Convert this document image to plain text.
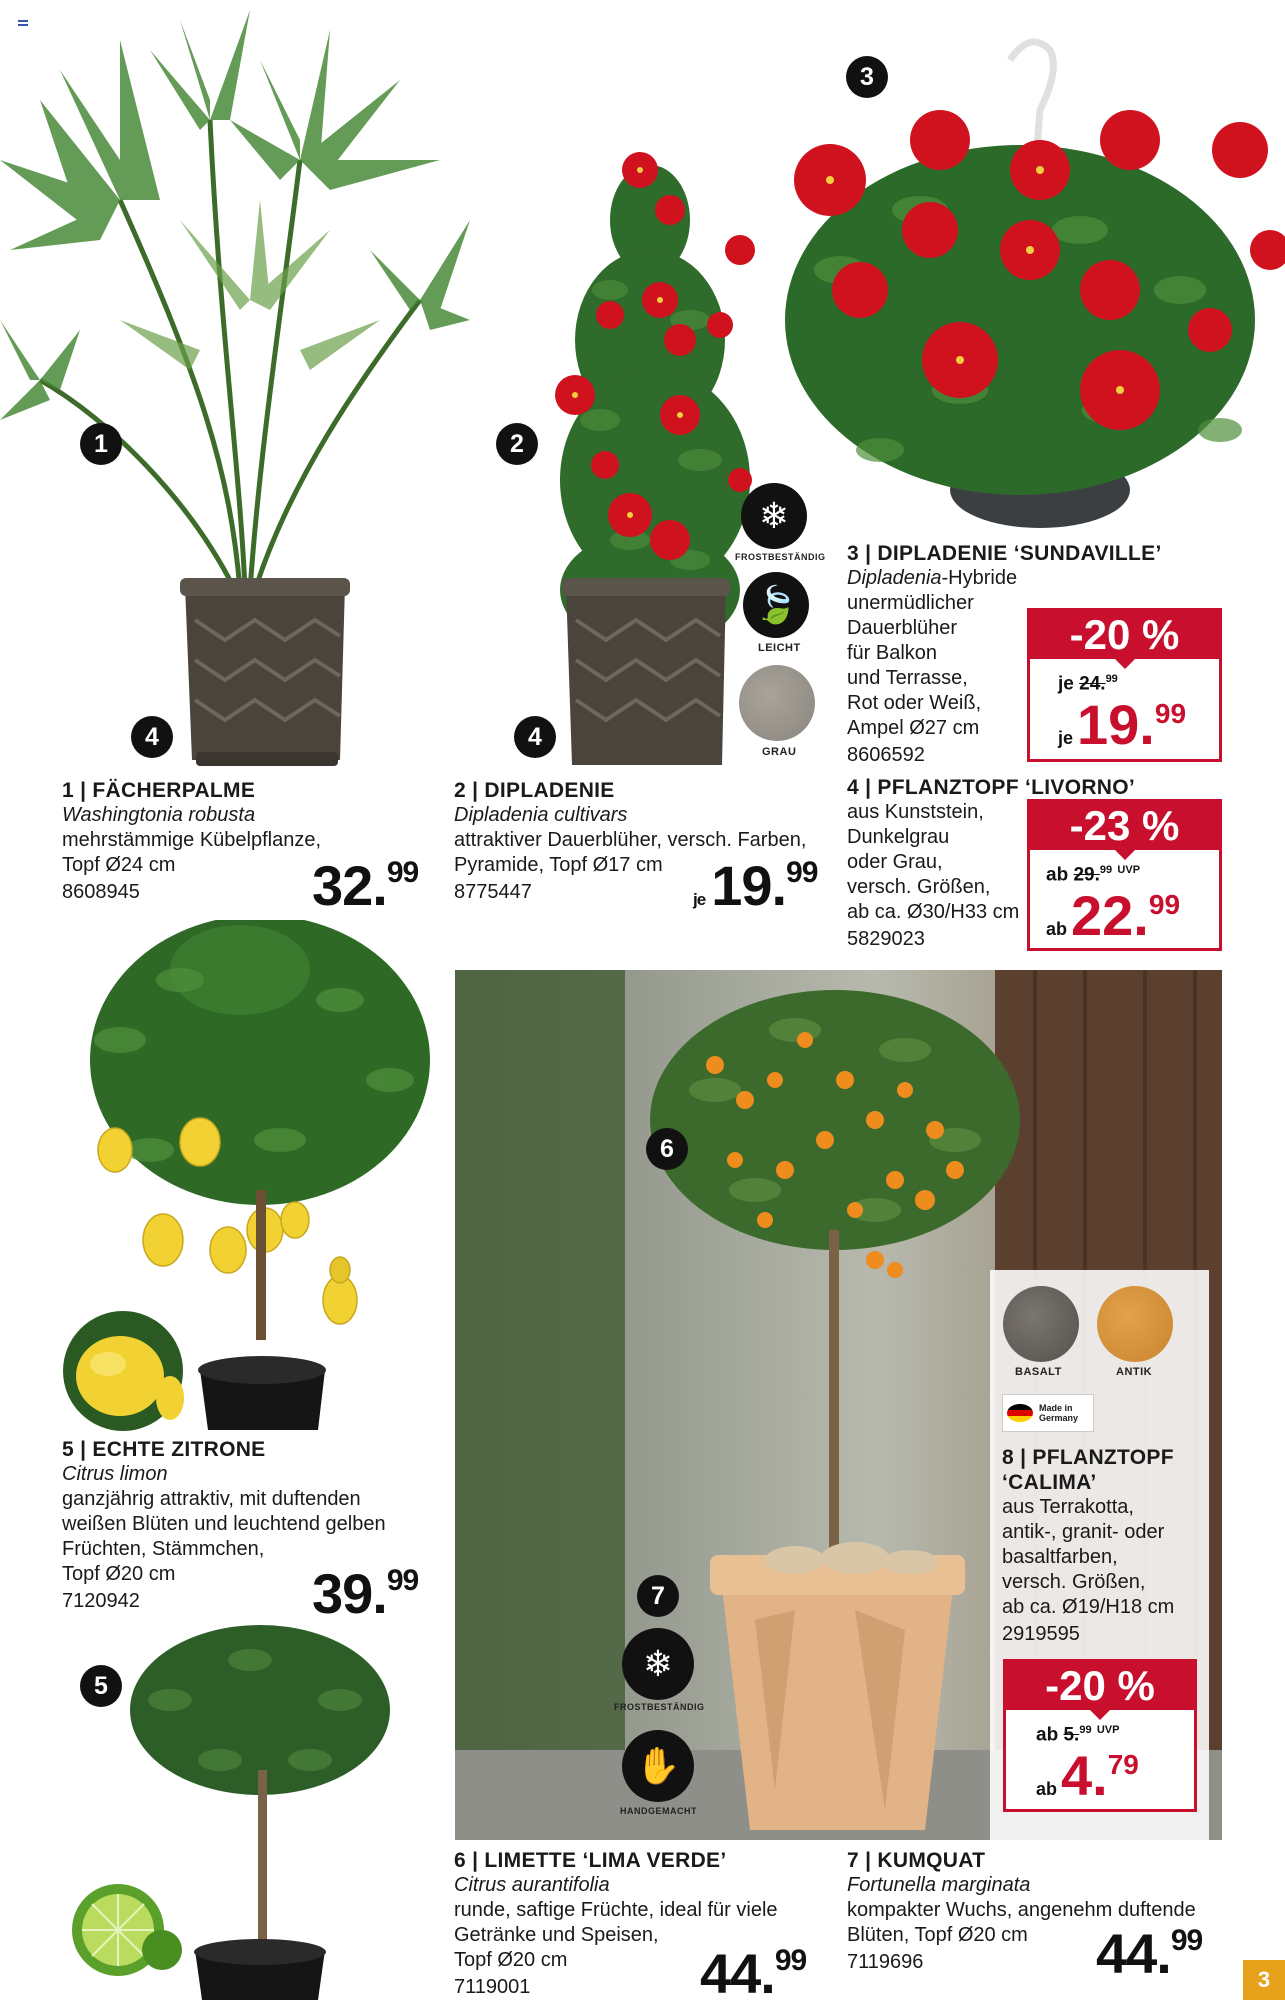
1	2
3
4	4
❄
FROSTBESTÄNDIG
🍃
LEICHT
GRAU
1 | FÄCHERPALME
Washingtonia robusta
mehrstämmige Kübelpflanze,
Topf Ø24 cm
8608945	32.99
2 | DIPLADENIE
Dipladenia cultivars
attraktiver Dauerblüher, versch. Farben,
Pyramide, Topf Ø17 cm
8775447	je 19.99
3 | DIPLADENIE ‘SUNDAVILLE’
Dipladenia-Hybride
unermüdlicher
Dauerblüher
für Balkon
und Terrasse,
Rot oder Weiß,
Ampel Ø27 cm
8606592
-20 %
je 24.99
je19.99
4 | PFLANZTOPF ‘LIVORNO’
aus Kunststein,
Dunkelgrau
oder Grau,
versch. Größen,
ab ca. Ø30/H33 cm
5829023
-23 %
ab 29.99 $^{UVP}$
ab22.99
5 | ECHTE ZITRONE
Citrus limon
ganzjährig attraktiv, mit duftenden
weißen Blüten und leuchtend gelben
Früchten, Stämmchen,
Topf Ø20 cm
7120942	39.99
5
6
7
❄
FROSTBESTÄNDIG
✋
HANDGEMACHT
BASALT	ANTIK
Made in
Germany
8 | PFLANZTOPF
‘CALIMA’
aus Terrakotta,
antik-, granit- oder
basaltfarben,
versch. Größen,
ab ca. Ø19/H18 cm
2919595
-20 %
ab 5.99 $^{UVP}$
ab4.79
6 | LIMETTE ‘LIMA VERDE’
Citrus aurantifolia
runde, saftige Früchte, ideal für viele
Getränke und Speisen,
Topf Ø20 cm
7119001	44.99
7 | KUMQUAT
Fortunella marginata
kompakter Wuchs, angenehm duftende
Blüten, Topf Ø20 cm
7119696	44.99
3
